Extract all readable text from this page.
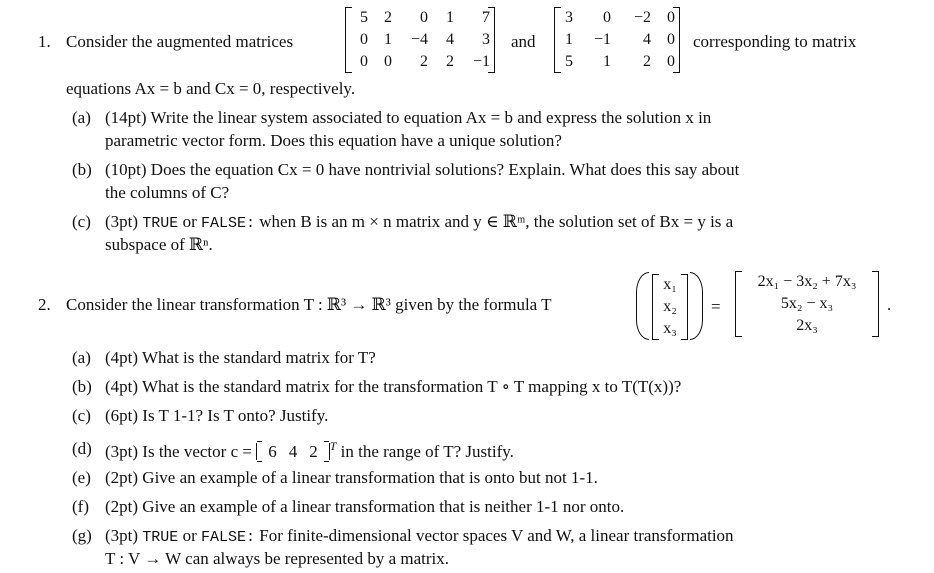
1. Consider the augmented matrices
5	2	0	1	7
0	1	−4	4	3
0	0	2	2	−1
and
3	0	−2	0
1	−1	4	0
5	1	2	0
corresponding to matrix
equations Ax = b and Cx = 0, respectively.
(a) (14pt) Write the linear system associated to equation Ax = b and express the solution x in
parametric vector form. Does this equation have a unique solution?
(b) (10pt) Does the equation Cx = 0 have nontrivial solutions? Explain. What does this say about
the columns of C?
(c) (3pt) TRUE or FALSE: when B is an m × n matrix and y ∈ ℝᵐ, the solution set of Bx = y is a
subspace of ℝⁿ.
2. Consider the linear transformation T : ℝ³ → ℝ³ given by the formula T
x₁
x₂
x₃
=
2x₁ − 3x₂ + 7x₃
5x₂ − x₃
2x₃
.
(a) (4pt) What is the standard matrix for T?
(b) (4pt) What is the standard matrix for the transformation T ∘ T mapping x to T(T(x))?
(c) (6pt) Is T 1-1? Is T onto? Justify.
(d) (3pt) Is the vector c = 6 4 2 $^T$ in the range of T? Justify.
(e) (2pt) Give an example of a linear transformation that is onto but not 1-1.
(f) (2pt) Give an example of a linear transformation that is neither 1-1 nor onto.
(g) (3pt) TRUE or FALSE: For finite-dimensional vector spaces V and W, a linear transformation
T : V → W can always be represented by a matrix.
